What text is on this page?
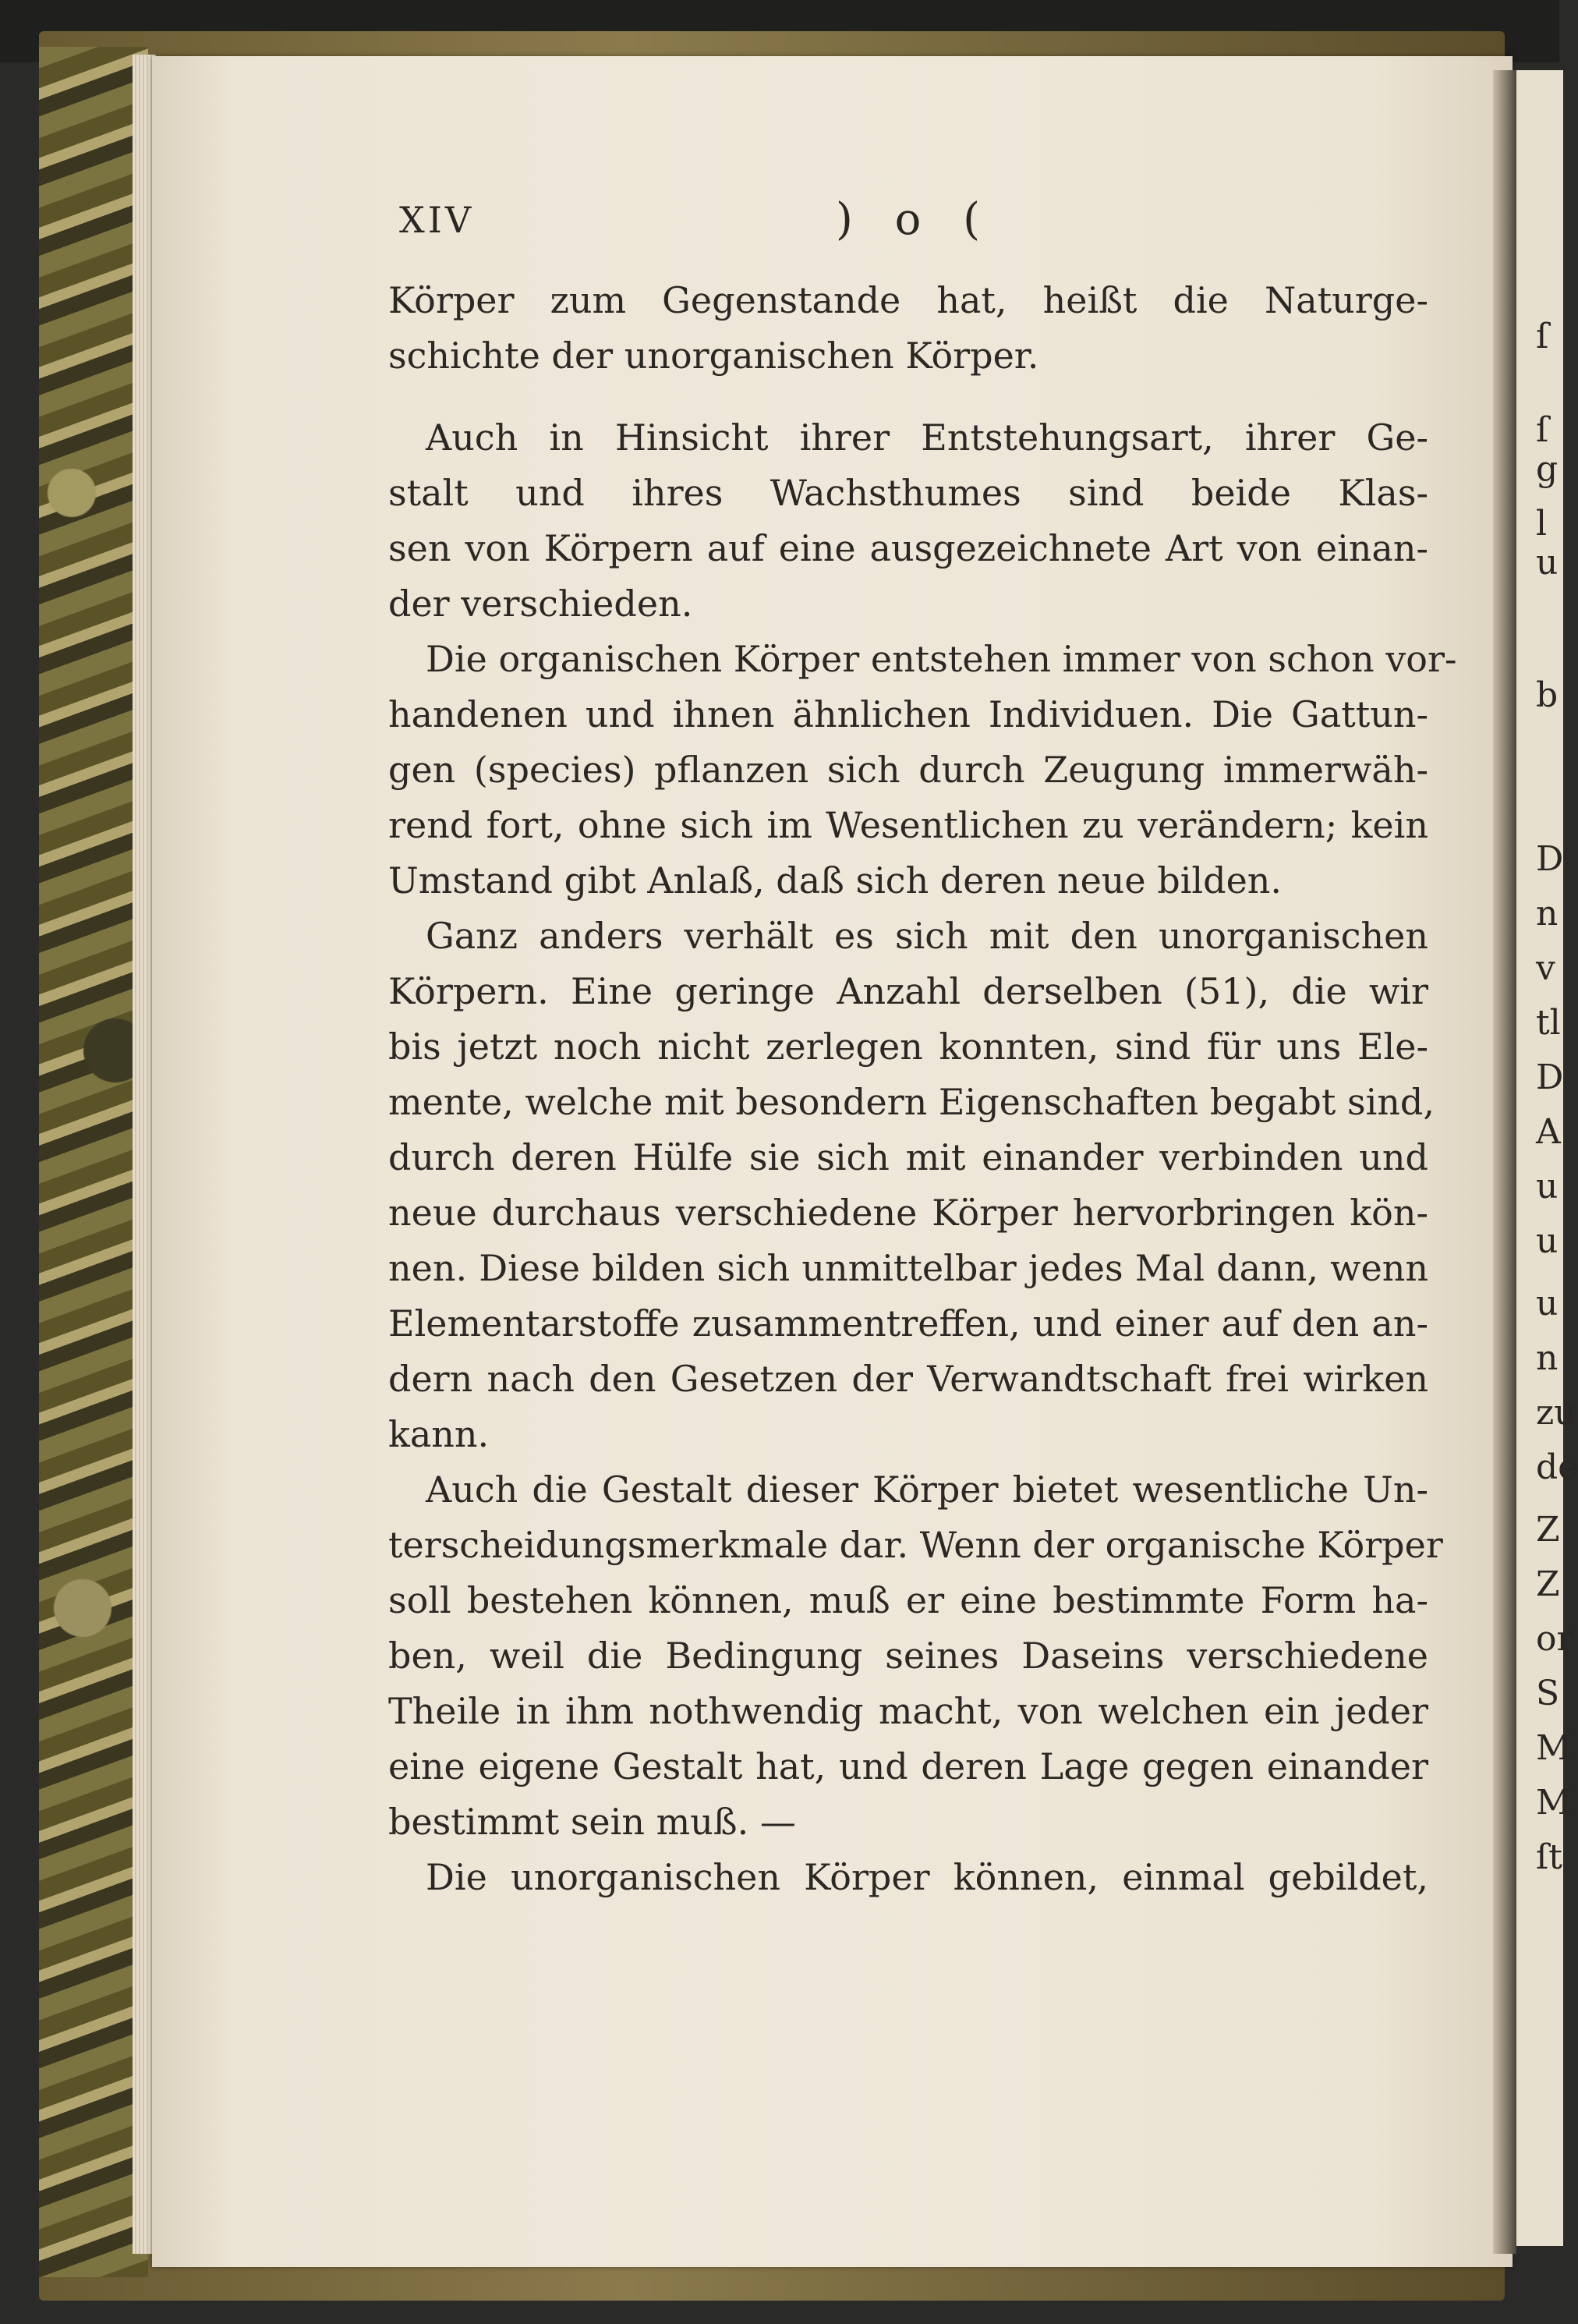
XIV	) o (
Körper zum Gegenstande hat, heißt die Naturge-
schichte der unorganischen Körper.
Auch in Hinsicht ihrer Entstehungsart, ihrer Ge-
stalt und ihres Wachsthumes sind beide Klas-
sen von Körpern auf eine ausgezeichnete Art von einan-
der verschieden.
Die organischen Körper entstehen immer von schon vor-
handenen und ihnen ähnlichen Individuen. Die Gattun-
gen (species) pflanzen sich durch Zeugung immerwäh-
rend fort, ohne sich im Wesentlichen zu verändern; kein
Umstand gibt Anlaß, daß sich deren neue bilden.
Ganz anders verhält es sich mit den unorganischen
Körpern. Eine geringe Anzahl derselben (51), die wir
bis jetzt noch nicht zerlegen konnten, sind für uns Ele-
mente, welche mit besondern Eigenschaften begabt sind,
durch deren Hülfe sie sich mit einander verbinden und
neue durchaus verschiedene Körper hervorbringen kön-
nen. Diese bilden sich unmittelbar jedes Mal dann, wenn
Elementarstoffe zusammentreffen, und einer auf den an-
dern nach den Gesetzen der Verwandtschaft frei wirken
kann.
Auch die Gestalt dieser Körper bietet wesentliche Un-
terscheidungsmerkmale dar. Wenn der organische Körper
soll bestehen können, muß er eine bestimmte Form ha-
ben, weil die Bedingung seines Daseins verschiedene
Theile in ihm nothwendig macht, von welchen ein jeder
eine eigene Gestalt hat, und deren Lage gegen einander
bestimmt sein muß. —
Die unorganischen Körper können, einmal gebildet,
ſ
ſ
g
l
u
b
D
n
v
tl
D
A
u
u
u
n
zu
de
Z
Z
or
S
M
M
ſt
